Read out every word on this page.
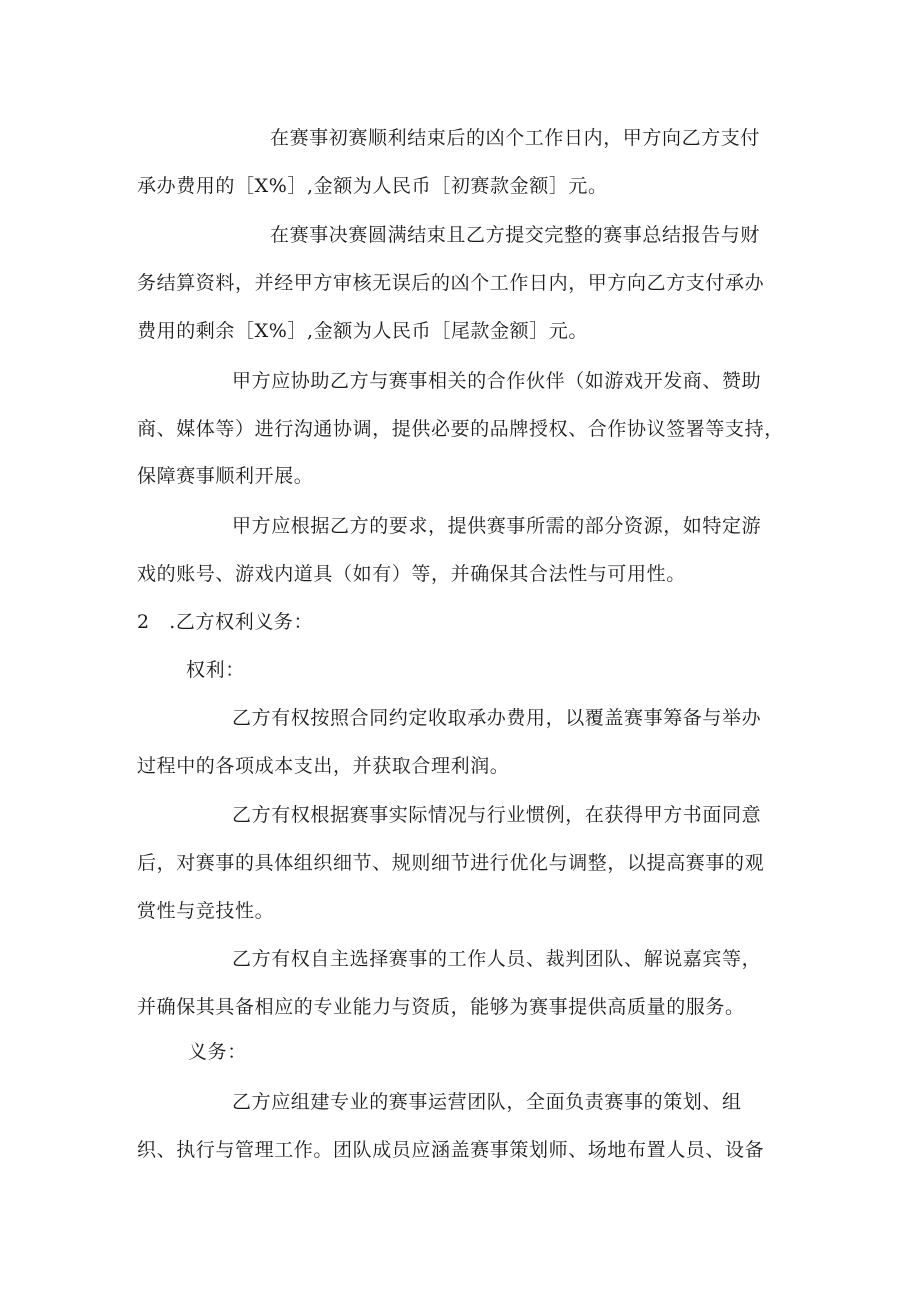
在赛事初赛顺利结束后的凶个工作日内，甲方向乙方支付
承办费用的［X%］,金额为人民币［初赛款金额］元。
在赛事决赛圆满结束且乙方提交完整的赛事总结报告与财
务结算资料，并经甲方审核无误后的凶个工作日内，甲方向乙方支付承办
费用的剩余［X%］,金额为人民币［尾款金额］元。
甲方应协助乙方与赛事相关的合作伙伴（如游戏开发商、赞助
商、媒体等）进行沟通协调，提供必要的品牌授权、合作协议签署等支持，
保障赛事顺利开展。
甲方应根据乙方的要求，提供赛事所需的部分资源，如特定游
戏的账号、游戏内道具（如有）等，并确保其合法性与可用性。
2　.乙方权利义务：
权利：
乙方有权按照合同约定收取承办费用，以覆盖赛事筹备与举办
过程中的各项成本支出，并获取合理利润。
乙方有权根据赛事实际情况与行业惯例，在获得甲方书面同意
后，对赛事的具体组织细节、规则细节进行优化与调整，以提高赛事的观
赏性与竞技性。
乙方有权自主选择赛事的工作人员、裁判团队、解说嘉宾等，
并确保其具备相应的专业能力与资质，能够为赛事提供高质量的服务。
义务：
乙方应组建专业的赛事运营团队，全面负责赛事的策划、组
织、执行与管理工作。团队成员应涵盖赛事策划师、场地布置人员、设备
